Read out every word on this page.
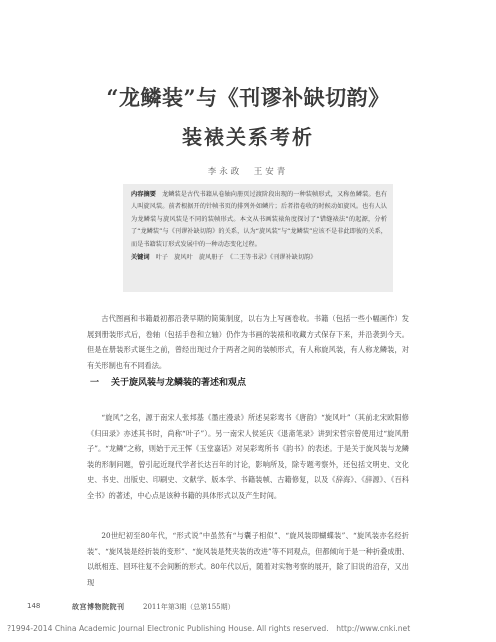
“龙鳞装”与《刊谬补缺切韵》
装裱关系考析
李永政　王安青

内容摘要 龙鳞装是古代书籍从卷轴向册页过渡阶段出现的一种装帧形式，又称鱼鳞装。也有人叫旋风装。前者根据开的针帧书页的排列外如鳞片；后者指卷收的时候动如旋风。也有人认为龙鳞装与旋风装是不同的装帧形式。本文从书画装裱角度探讨了“错缝裱法”的起源，分析了“龙鳞装”与《刊谬补缺切韵》的关系，认为“旋风装”与“龙鳞装”应该不是非此即彼的关系，而是书籍装订形式发展中的一种动态变化过程。

关键词 叶子　旋风叶　旋风册子　《二王等书录》《刊谬补缺切韵》

古代图画和书籍最初都沿袭早期的简策制度，以右为上写画卷收。书籍（包括一些小幅画作）发展到册装形式后，卷轴（包括手卷和立轴）仍作为书画的装裱和收藏方式保存下来，并沿袭到今天。但是在册装形式诞生之前，曾经出现过介于两者之间的装帧形式，有人称旋风装，有人称龙鳞装，对有关形制也有不同看法。

一 关于旋风装与龙鳞装的著述和观点

“旋风”之名，源于南宋人张邦基《墨庄漫录》所述吴彩鸾书《唐韵》“旋风叶”（其前北宋欧阳修《归田录》亦述其书时，尚称“叶子”）。另一南宋人侯延庆《退斋笔录》讲到宋哲宗曾使用过“旋风册子”。“龙鳞”之称，则始于元王恽《玉堂嘉话》对吴彩鸾所书《韵书》的表述。于是关于旋风装与龙鳞装的形制问题，曾引起近现代学者长达百年的讨论，影响所及，除专题考察外，还包括文明史、文化史、书史、出版史、印刷史、文献学、版本学、书籍装帧、古籍修复，以及《辞海》、《辞源》、《百科全书》的著述，中心点是该种书籍的具体形式以及产生时间。

20世纪初至80年代，“形式说”中虽然有“与囊子相似”、“旋风装即蝴蝶装”、“旋风装亦名经折装”、“旋风装是经折装的变形”、“旋风装是梵夹装的改进”等不同观点，但都倾向于是一种折叠成册、以纸相连、回环往复不会间断的形式。80年代以后，随着对实物考察的展开，除了旧说的沿存，又出现

148	故宫博物院院刊	2011年第3期（总第155期）
?1994-2014 China Academic Journal Electronic Publishing House. All rights reserved.　http://www.cnki.net
